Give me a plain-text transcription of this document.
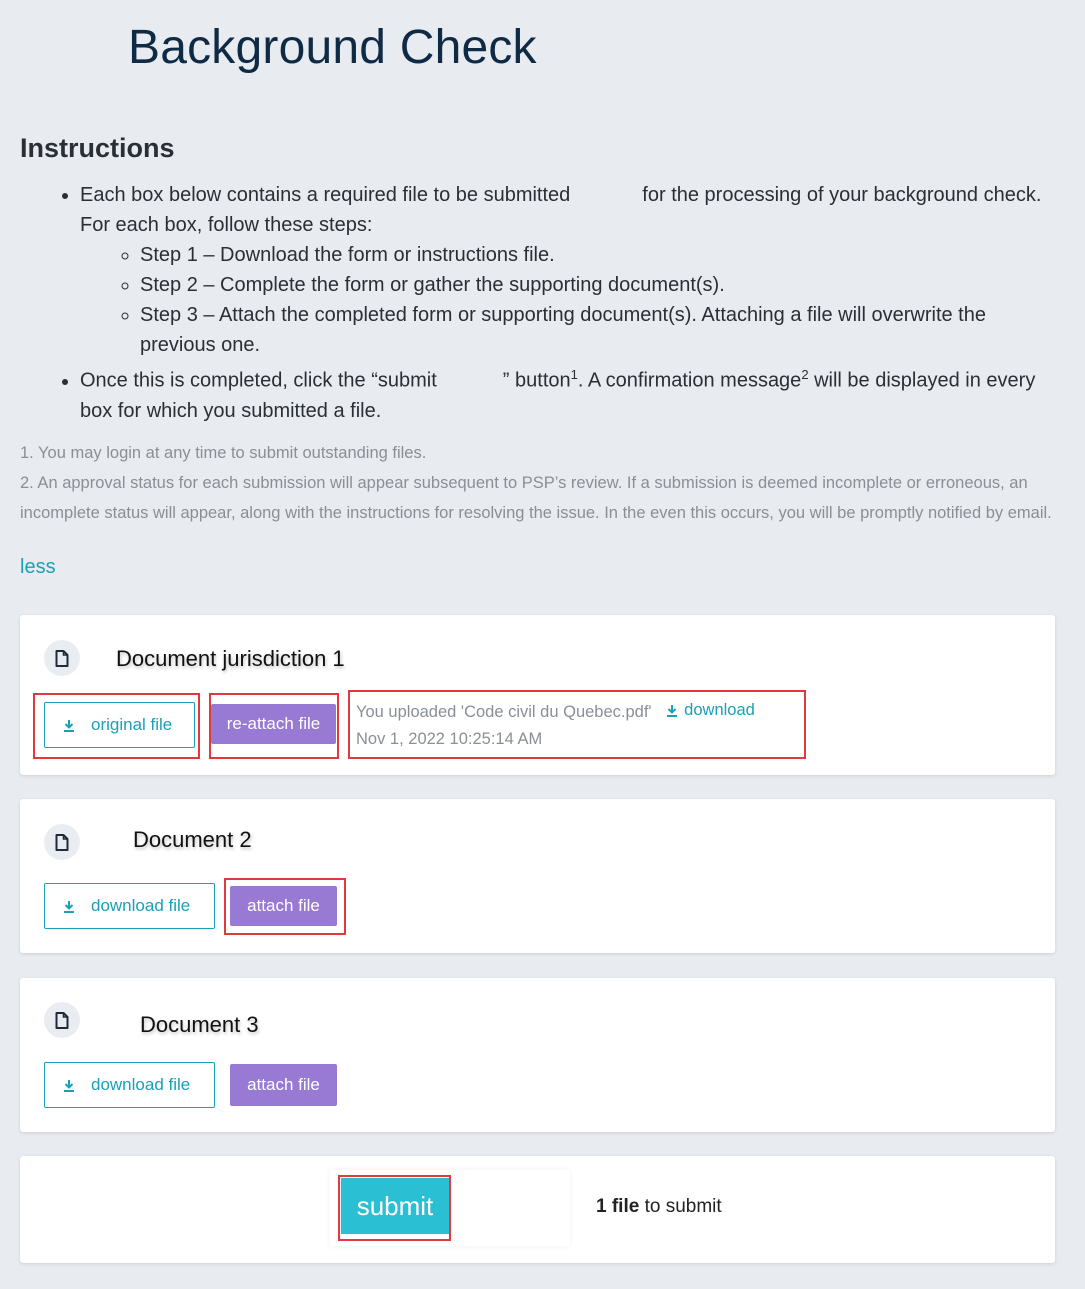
Background Check
Instructions
• Each box below contains a required file to be submitted	for the processing of your background check. For each box, follow these steps:
◦ Step 1 – Download the form or instructions file.
◦ Step 2 – Complete the form or gather the supporting document(s).
◦ Step 3 – Attach the completed form or supporting document(s). Attaching a file will overwrite the previous one.
• Once this is completed, click the “submit	” button$^1$. A confirmation message$^2$ will be displayed in every box for which you submitted a file.
1. You may login at any time to submit outstanding files.
2. An approval status for each submission will appear subsequent to PSP’s review. If a submission is deemed incomplete or erroneous, an incomplete status will appear, along with the instructions for resolving the issue. In the even this occurs, you will be promptly notified by email.
less
Document jurisdiction 1
original file	re-attach file
You uploaded 'Code civil du Quebec.pdf' download
Nov 1, 2022 10:25:14 AM
Document 2
download file	attach file
Document 3
download file	attach file
submit	1 file to submit
